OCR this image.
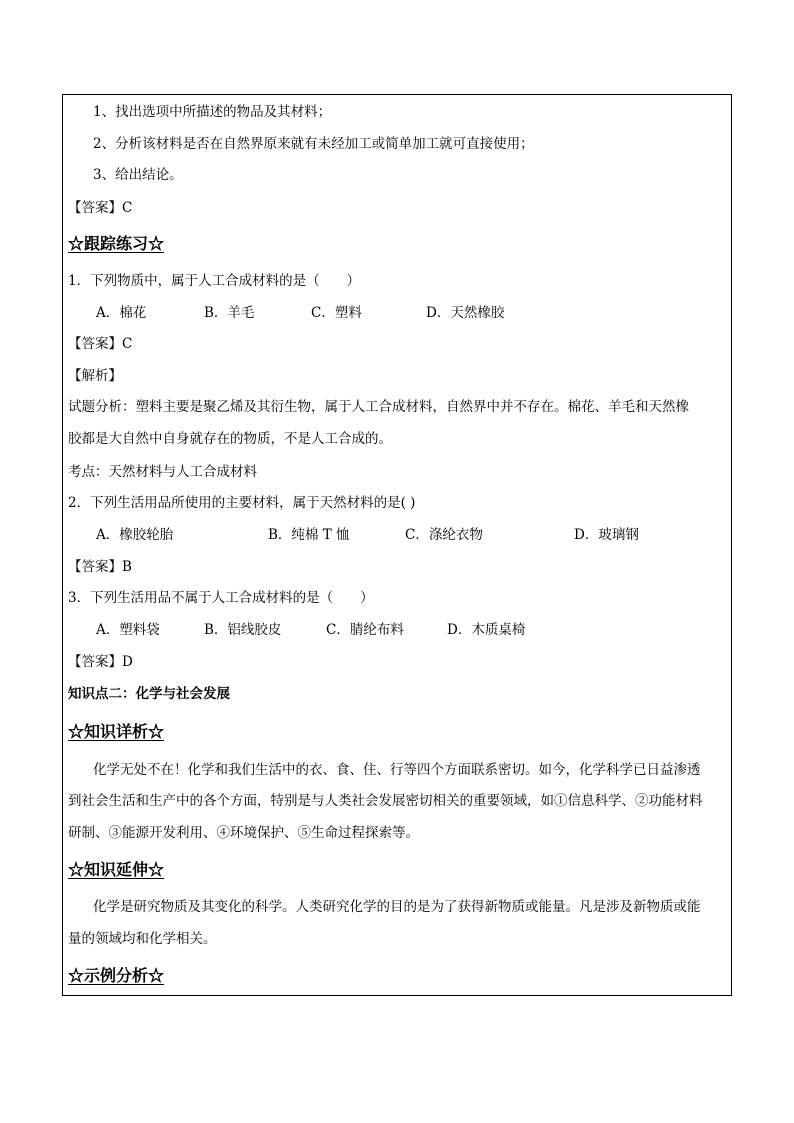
1、找出选项中所描述的物品及其材料；
2、分析该材料是否在自然界原来就有未经加工或简单加工就可直接使用；
3、给出结论。
【答案】C
☆跟踪练习☆
1．下列物质中，属于人工合成材料的是（　　）
A．棉花	B．羊毛	C．塑料	D．天然橡胶
【答案】C
【解析】
试题分析：塑料主要是聚乙烯及其衍生物，属于人工合成材料，自然界中并不存在。棉花、羊毛和天然橡
胶都是大自然中自身就存在的物质，不是人工合成的。
考点：天然材料与人工合成材料
2．下列生活用品所使用的主要材料，属于天然材料的是( )
A．橡胶轮胎	B．纯棉 T 恤	C．涤纶衣物	D．玻璃钢
【答案】B
3．下列生活用品不属于人工合成材料的是（　　）
A．塑料袋	B．铝线胶皮	C．腈纶布料	D．木质桌椅
【答案】D
知识点二：化学与社会发展
☆知识详析☆
化学无处不在！化学和我们生活中的衣、食、住、行等四个方面联系密切。如今，化学科学已日益渗透
到社会生活和生产中的各个方面，特别是与人类社会发展密切相关的重要领域，如①信息科学、②功能材料
研制、③能源开发利用、④环境保护、⑤生命过程探索等。
☆知识延伸☆
化学是研究物质及其变化的科学。人类研究化学的目的是为了获得新物质或能量。凡是涉及新物质或能
量的领域均和化学相关。
☆示例分析☆
